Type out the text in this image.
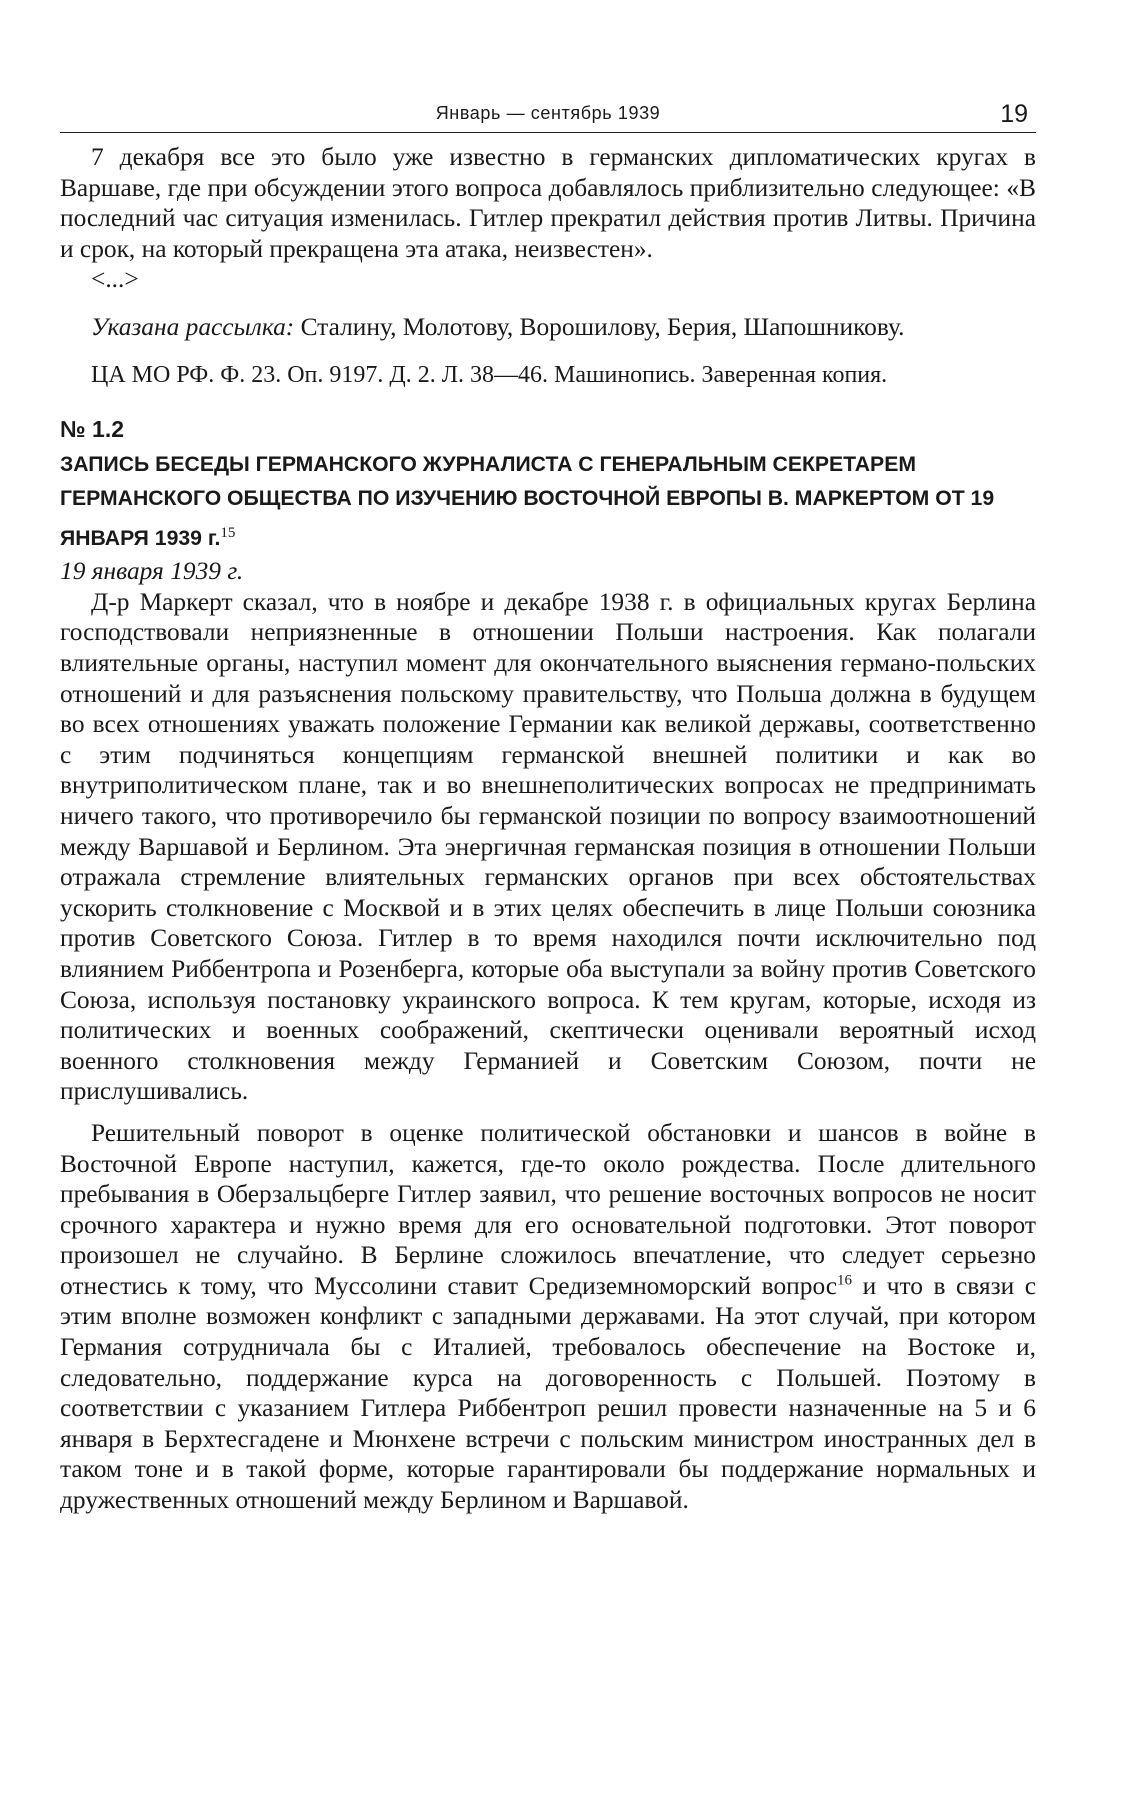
Январь — сентябрь 1939	19

7 декабря все это было уже известно в германских дипломатических кругах в Варшаве, где при обсуждении этого вопроса добавлялось приблизительно следующее: «В последний час ситуация изменилась. Гитлер прекратил действия против Литвы. Причина и срок, на который прекращена эта атака, неизвестен».

<...>

Указана рассылка: Сталину, Молотову, Ворошилову, Берия, Шапошникову.

ЦА МО РФ. Ф. 23. Оп. 9197. Д. 2. Л. 38—46. Машинопись. Заверенная копия.

№ 1.2
ЗАПИСЬ БЕСЕДЫ ГЕРМАНСКОГО ЖУРНАЛИСТА С ГЕНЕРАЛЬНЫМ СЕКРЕТАРЕМ ГЕРМАНСКОГО ОБЩЕСТВА ПО ИЗУЧЕНИЮ ВОСТОЧНОЙ ЕВРОПЫ В. МАРКЕРТОМ ОТ 19 ЯНВАРЯ 1939 г.$^{15}$

19 января 1939 г.

Д-р Маркерт сказал, что в ноябре и декабре 1938 г. в официальных кругах Берлина господствовали неприязненные в отношении Польши настроения. Как полагали влиятельные органы, наступил момент для окончательного выяснения германо-польских отношений и для разъяснения польскому правительству, что Польша должна в будущем во всех отношениях уважать положение Германии как великой державы, соответственно с этим подчиняться концепциям германской внешней политики и как во внутриполитическом плане, так и во внешнеполитических вопросах не предпринимать ничего такого, что противоречило бы германской позиции по вопросу взаимоотношений между Варшавой и Берлином. Эта энергичная германская позиция в отношении Польши отражала стремление влиятельных германских органов при всех обстоятельствах ускорить столкновение с Москвой и в этих целях обеспечить в лице Польши союзника против Советского Союза. Гитлер в то время находился почти исключительно под влиянием Риббентропа и Розенберга, которые оба выступали за войну против Советского Союза, используя постановку украинского вопроса. К тем кругам, которые, исходя из политических и военных соображений, скептически оценивали вероятный исход военного столкновения между Германией и Советским Союзом, почти не прислушивались.

Решительный поворот в оценке политической обстановки и шансов в войне в Восточной Европе наступил, кажется, где-то около рождества. После длительного пребывания в Оберзальцберге Гитлер заявил, что решение восточных вопросов не носит срочного характера и нужно время для его основательной подготовки. Этот поворот произошел не случайно. В Берлине сложилось впечатление, что следует серьезно отнестись к тому, что Муссолини ставит Средиземноморский вопрос$^{16}$ и что в связи с этим вполне возможен конфликт с западными державами. На этот случай, при котором Германия сотрудничала бы с Италией, требовалось обеспечение на Востоке и, следовательно, поддержание курса на договоренность с Польшей. Поэтому в соответствии с указанием Гитлера Риббентроп решил провести назначенные на 5 и 6 января в Берхтесгадене и Мюнхене встречи с польским министром иностранных дел в таком тоне и в такой форме, которые гарантировали бы поддержание нормальных и дружественных отношений между Берлином и Варшавой.
